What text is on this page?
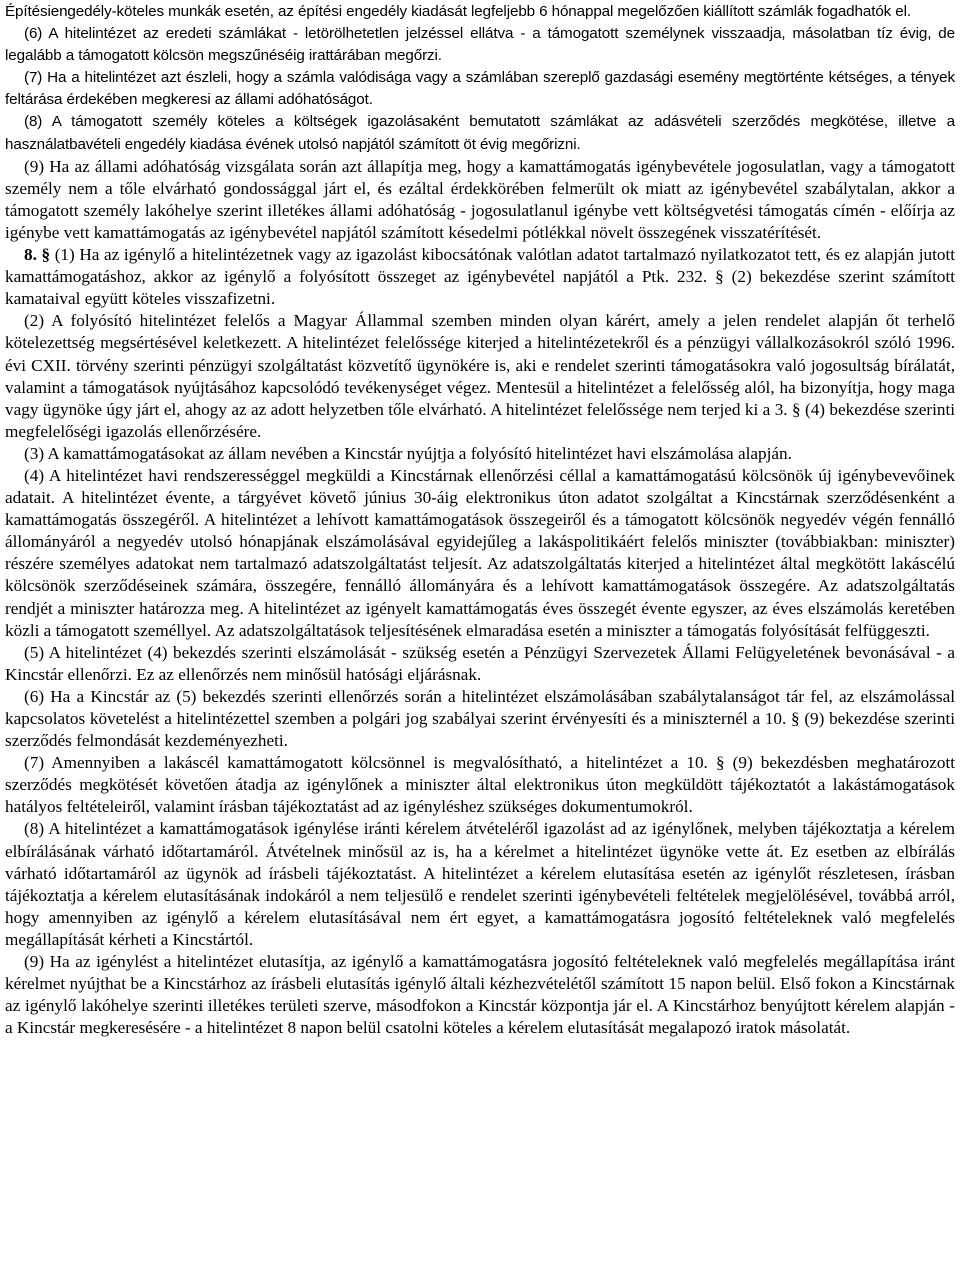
Építésiengedély-köteles munkák esetén, az építési engedély kiadását legfeljebb 6 hónappal megelőzően kiállított számlák fogadhatók el.

(6) A hitelintézet az eredeti számlákat - letörölhetetlen jelzéssel ellátva - a támogatott személynek visszaadja, másolatban tíz évig, de legalább a támogatott kölcsön megszűnéséig irattárában megőrzi.

(7) Ha a hitelintézet azt észleli, hogy a számla valódisága vagy a számlában szereplő gazdasági esemény megtörténte kétséges, a tények feltárása érdekében megkeresi az állami adóhatóságot.

(8) A támogatott személy köteles a költségek igazolásaként bemutatott számlákat az adásvételi szerződés megkötése, illetve a használatbavételi engedély kiadása évének utolsó napjától számított öt évig megőrizni.

(9) Ha az állami adóhatóság vizsgálata során azt állapítja meg, hogy a kamattámogatás igénybevétele jogosulatlan, vagy a támogatott személy nem a tőle elvárható gondossággal járt el, és ezáltal érdekkörében felmerült ok miatt az igénybevétel szabálytalan, akkor a támogatott személy lakóhelye szerint illetékes állami adóhatóság - jogosulatlanul igénybe vett költségvetési támogatás címén - előírja az igénybe vett kamattámogatás az igénybevétel napjától számított késedelmi pótlékkal növelt összegének visszatérítését.

8. § (1) Ha az igénylő a hitelintézetnek vagy az igazolást kibocsátónak valótlan adatot tartalmazó nyilatkozatot tett, és ez alapján jutott kamattámogatáshoz, akkor az igénylő a folyósított összeget az igénybevétel napjától a Ptk. 232. § (2) bekezdése szerint számított kamataival együtt köteles visszafizetni.

(2) A folyósító hitelintézet felelős a Magyar Állammal szemben minden olyan kárért, amely a jelen rendelet alapján őt terhelő kötelezettség megsértésével keletkezett. A hitelintézet felelőssége kiterjed a hitelintézetekről és a pénzügyi vállalkozásokról szóló 1996. évi CXII. törvény szerinti pénzügyi szolgáltatást közvetítő ügynökére is, aki e rendelet szerinti támogatásokra való jogosultság bírálatát, valamint a támogatások nyújtásához kapcsolódó tevékenységet végez. Mentesül a hitelintézet a felelősség alól, ha bizonyítja, hogy maga vagy ügynöke úgy járt el, ahogy az az adott helyzetben tőle elvárható. A hitelintézet felelőssége nem terjed ki a 3. § (4) bekezdése szerinti megfelelőségi igazolás ellenőrzésére.

(3) A kamattámogatásokat az állam nevében a Kincstár nyújtja a folyósító hitelintézet havi elszámolása alapján.

(4) A hitelintézet havi rendszerességgel megküldi a Kincstárnak ellenőrzési céllal a kamattámogatású kölcsönök új igénybevevőinek adatait. A hitelintézet évente, a tárgyévet követő június 30-áig elektronikus úton adatot szolgáltat a Kincstárnak szerződésenként a kamattámogatás összegéről. A hitelintézet a lehívott kamattámogatások összegeiről és a támogatott kölcsönök negyedév végén fennálló állományáról a negyedév utolsó hónapjának elszámolásával egyidejűleg a lakáspolitikáért felelős miniszter (továbbiakban: miniszter) részére személyes adatokat nem tartalmazó adatszolgáltatást teljesít. Az adatszolgáltatás kiterjed a hitelintézet által megkötött lakáscélú kölcsönök szerződéseinek számára, összegére, fennálló állományára és a lehívott kamattámogatások összegére. Az adatszolgáltatás rendjét a miniszter határozza meg. A hitelintézet az igényelt kamattámogatás éves összegét évente egyszer, az éves elszámolás keretében közli a támogatott személlyel. Az adatszolgáltatások teljesítésének elmaradása esetén a miniszter a támogatás folyósítását felfüggeszti.

(5) A hitelintézet (4) bekezdés szerinti elszámolását - szükség esetén a Pénzügyi Szervezetek Állami Felügyeletének bevonásával - a Kincstár ellenőrzi. Ez az ellenőrzés nem minősül hatósági eljárásnak.

(6) Ha a Kincstár az (5) bekezdés szerinti ellenőrzés során a hitelintézet elszámolásában szabálytalanságot tár fel, az elszámolással kapcsolatos követelést a hitelintézettel szemben a polgári jog szabályai szerint érvényesíti és a miniszternél a 10. § (9) bekezdése szerinti szerződés felmondását kezdeményezheti.

(7) Amennyiben a lakáscél kamattámogatott kölcsönnel is megvalósítható, a hitelintézet a 10. § (9) bekezdésben meghatározott szerződés megkötését követően átadja az igénylőnek a miniszter által elektronikus úton megküldött tájékoztatót a lakástámogatások hatályos feltételeiről, valamint írásban tájékoztatást ad az igényléshez szükséges dokumentumokról.

(8) A hitelintézet a kamattámogatások igénylése iránti kérelem átvételéről igazolást ad az igénylőnek, melyben tájékoztatja a kérelem elbírálásának várható időtartamáról. Átvételnek minősül az is, ha a kérelmet a hitelintézet ügynöke vette át. Ez esetben az elbírálás várható időtartamáról az ügynök ad írásbeli tájékoztatást. A hitelintézet a kérelem elutasítása esetén az igénylőt részletesen, írásban tájékoztatja a kérelem elutasításának indokáról a nem teljesülő e rendelet szerinti igénybevételi feltételek megjelölésével, továbbá arról, hogy amennyiben az igénylő a kérelem elutasításával nem ért egyet, a kamattámogatásra jogosító feltételeknek való megfelelés megállapítását kérheti a Kincstártól.

(9) Ha az igénylést a hitelintézet elutasítja, az igénylő a kamattámogatásra jogosító feltételeknek való megfelelés megállapítása iránt kérelmet nyújthat be a Kincstárhoz az írásbeli elutasítás igénylő általi kézhezvételétől számított 15 napon belül. Első fokon a Kincstárnak az igénylő lakóhelye szerinti illetékes területi szerve, másodfokon a Kincstár központja jár el. A Kincstárhoz benyújtott kérelem alapján - a Kincstár megkeresésére - a hitelintézet 8 napon belül csatolni köteles a kérelem elutasítását megalapozó iratok másolatát.
